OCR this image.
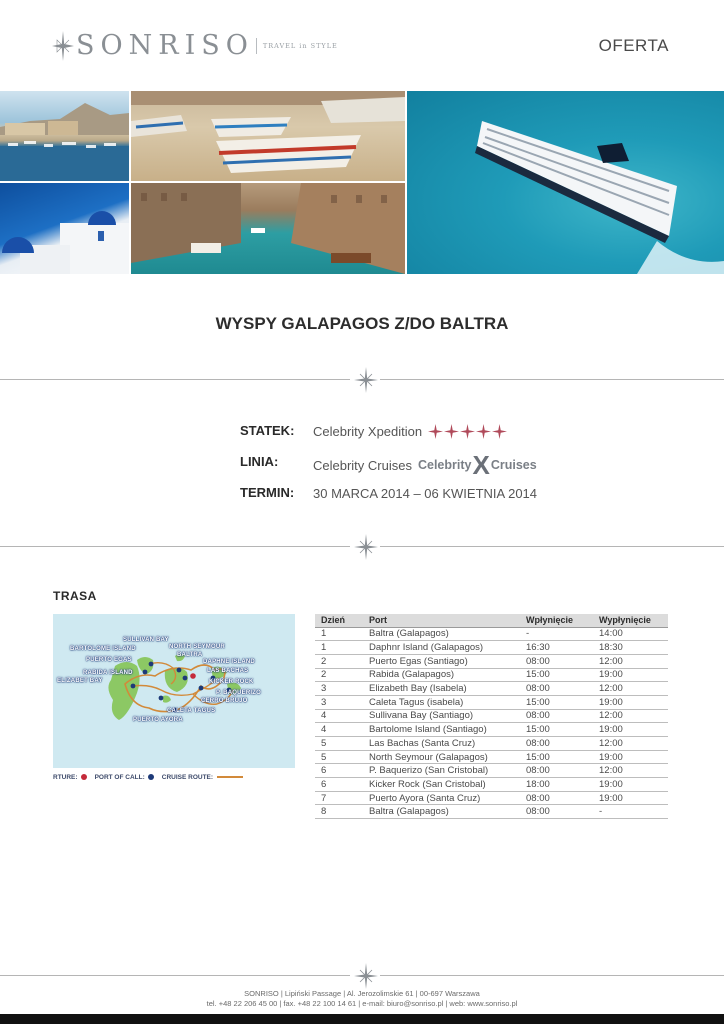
SONRISO TRAVEL in STYLE	OFERTA
WYSPY GALAPAGOS Z/DO BALTRA
STATEK:	Celebrity Xpedition
LINIA:	Celebrity Cruises Celebrity X Cruises
TERMIN:	30 MARCA 2014 – 06 KWIETNIA 2014
TRASA
SULLIVAN BAY
BARTOLOME ISLAND	NORTH SEYMOUR
BALTRA
PUERTO EGAS	DAPHNE ISLAND
LAS BACHAS
RABIDA ISLAND
KICKER ROCK
ELIZABET BAY
P. BAQUERIZO
CERRO BRUJO
CALETA TAGUS
PUERTO AYORA
RTURE:	PORT OF CALL:	CRUISE ROUTE:
Dzień	Port	Wpłynięcie	Wypłynięcie
1	Baltra (Galapagos)	-	14:00
1	Daphnr Island (Galapagos)	16:30	18:30
2	Puerto Egas (Santiago)	08:00	12:00
2	Rabida (Galapagos)	15:00	19:00
3	Elizabeth Bay (Isabela)	08:00	12:00
3	Caleta Tagus (isabela)	15:00	19:00
4	Sullivana Bay (Santiago)	08:00	12:00
4	Bartolome Island (Santiago)	15:00	19:00
5	Las Bachas (Santa Cruz)	08:00	12:00
5	North Seymour (Galapagos)	15:00	19:00
6	P. Baquerizo (San Cristobal)	08:00	12:00
6	Kicker Rock (San Cristobal)	18:00	19:00
7	Puerto Ayora (Santa Cruz)	08:00	19:00
8	Baltra (Galapagos)	08:00	-
SONRISO | Lipiński Passage | Al. Jerozolimskie 61 | 00-697 Warszawa
tel. +48 22 206 45 00 | fax. +48 22 100 14 61 | e-mail: biuro@sonriso.pl | web: www.sonriso.pl
